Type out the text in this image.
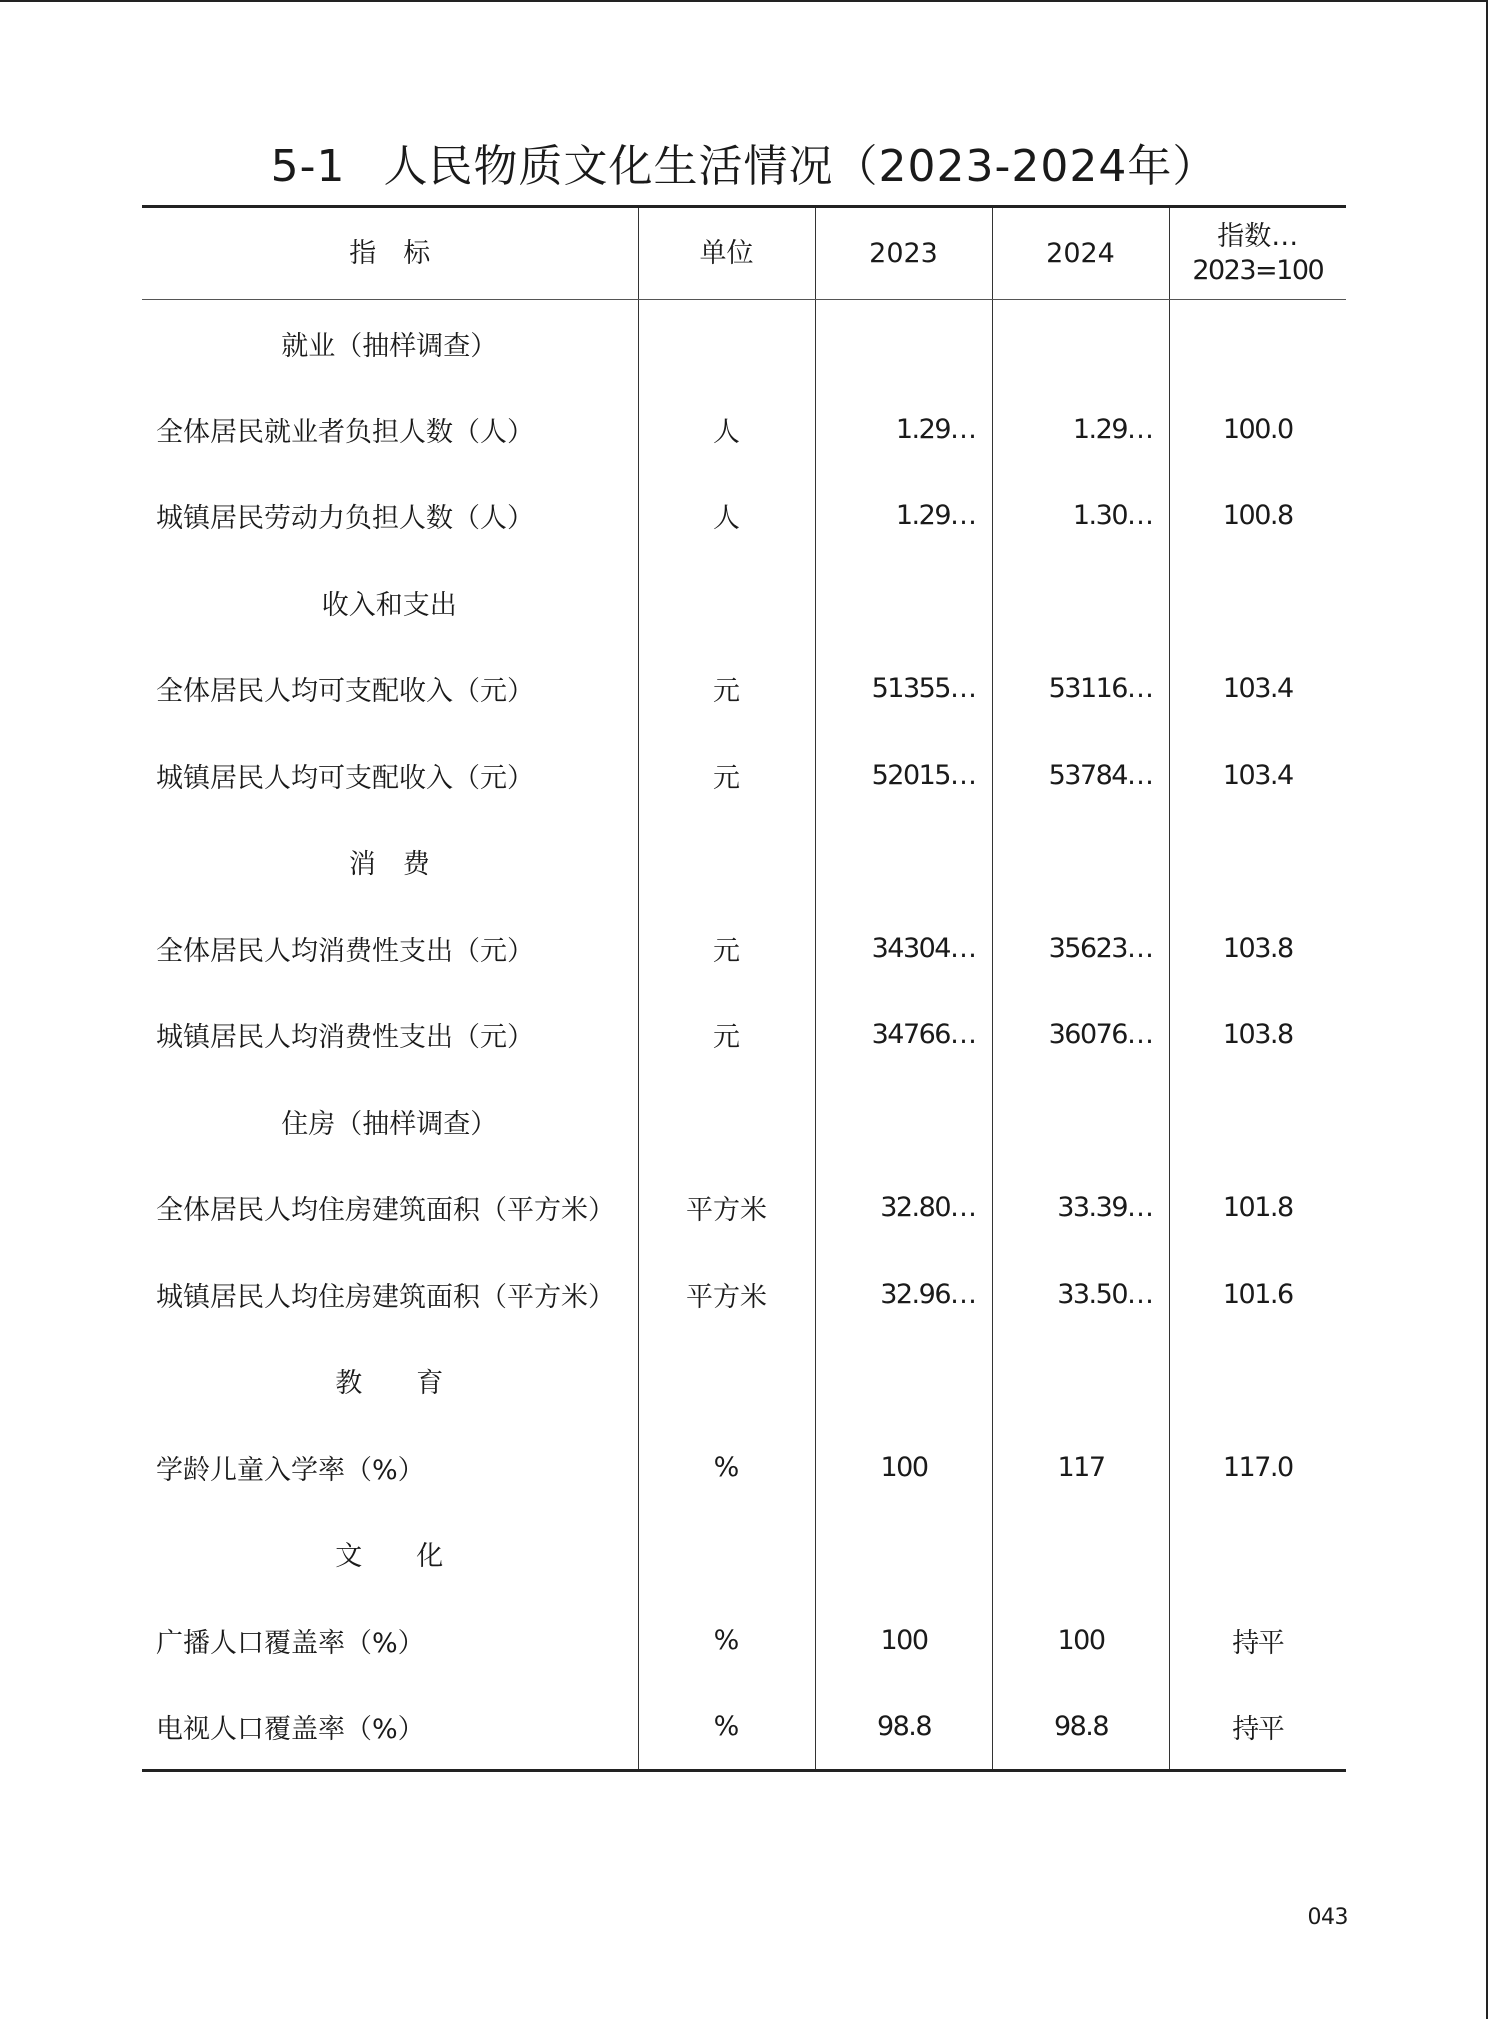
5-1 人民物质文化生活情况（2023-2024年）
指　标	单位	2023	2024	指数…
2023=100

就业（抽样调查）				
全体居民就业者负担人数（人）	人	1.29…	1.29…	100.0
城镇居民劳动力负担人数（人）	人	1.29…	1.30…	100.8
收入和支出				
全体居民人均可支配收入（元）	元	51355…	53116…	103.4
城镇居民人均可支配收入（元）	元	52015…	53784…	103.4
消　费				
全体居民人均消费性支出（元）	元	34304…	35623…	103.8
城镇居民人均消费性支出（元）	元	34766…	36076…	103.8
住房（抽样调查）				
全体居民人均住房建筑面积（平方米）	平方米	32.80…	33.39…	101.8
城镇居民人均住房建筑面积（平方米）	平方米	32.96…	33.50…	101.6
教　　育				
学龄儿童入学率（%）	%	100	117	117.0
文　　化				
广播人口覆盖率（%）	%	100	100	持平
电视人口覆盖率（%）	%	98.8	98.8	持平
043
